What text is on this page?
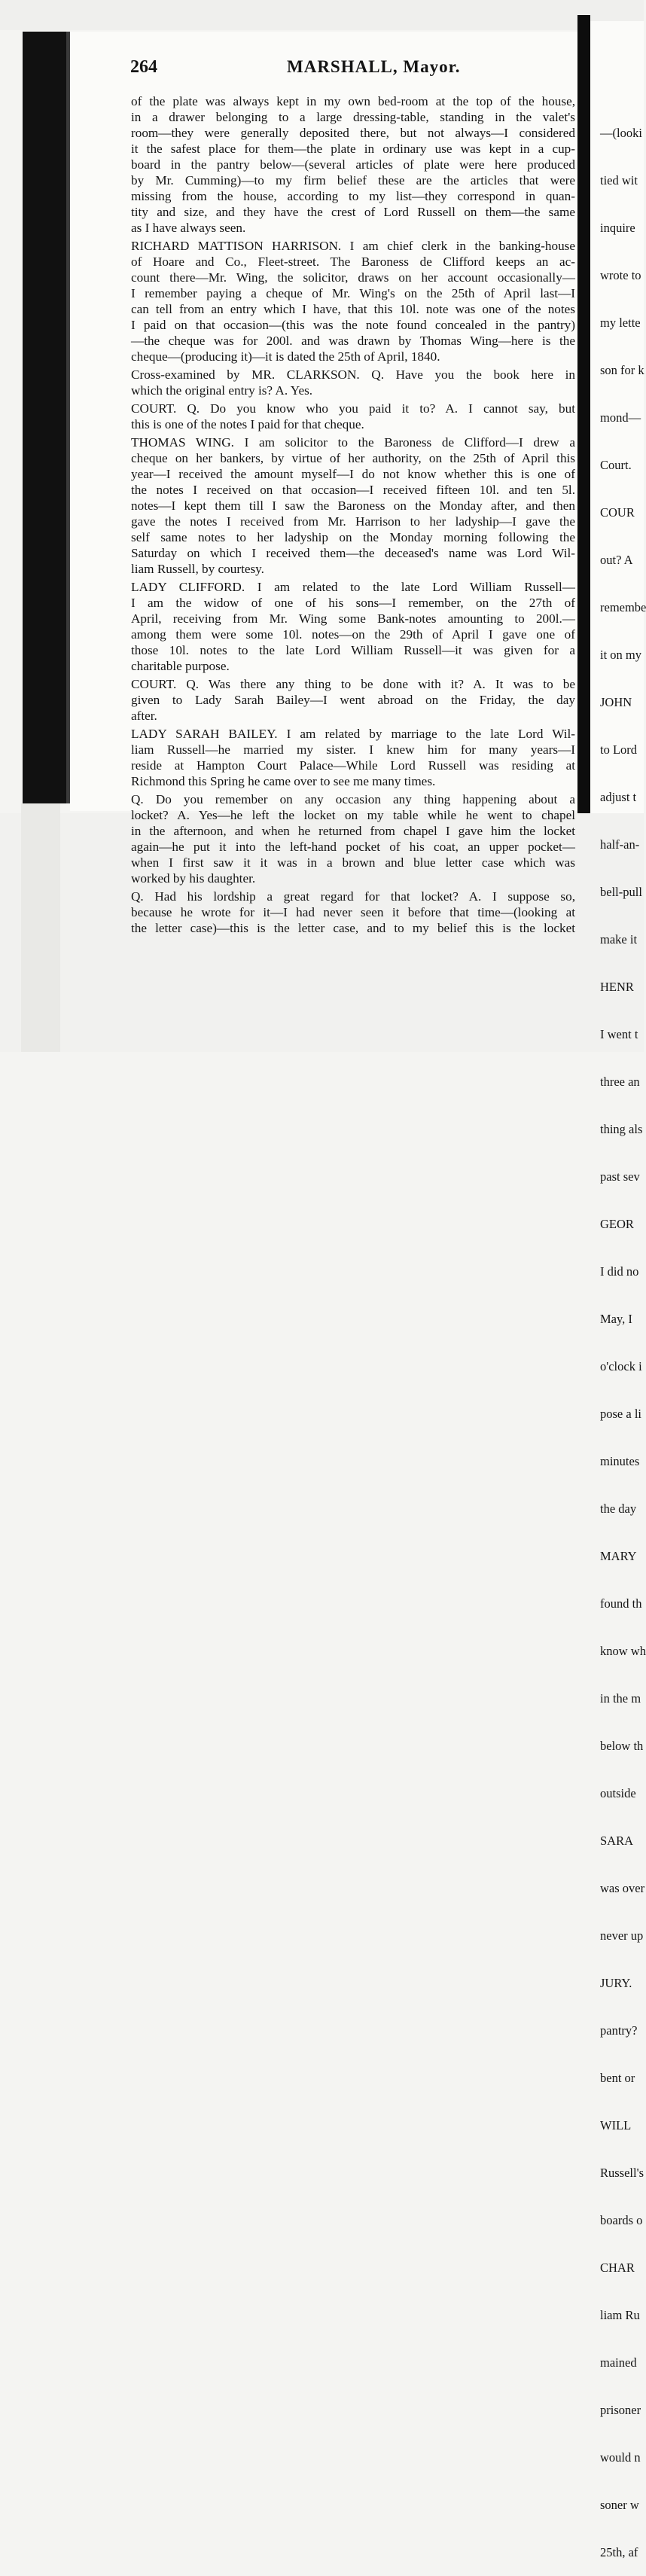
264	MARSHALL, Mayor.
of the plate was always kept in my own bed-room at the top of the house,
in a drawer belonging to a large dressing-table, standing in the valet's
room—they were generally deposited there, but not always—I considered
it the safest place for them—the plate in ordinary use was kept in a cup-
board in the pantry below—(several articles of plate were here produced
by Mr. Cumming)—to my firm belief these are the articles that were
missing from the house, according to my list—they correspond in quan-
tity and size, and they have the crest of Lord Russell on them—the same
as I have always seen.
RICHARD MATTISON HARRISON. I am chief clerk in the banking-house
of Hoare and Co., Fleet-street. The Baroness de Clifford keeps an ac-
count there—Mr. Wing, the solicitor, draws on her account occasionally—
I remember paying a cheque of Mr. Wing's on the 25th of April last—I
can tell from an entry which I have, that this 10l. note was one of the notes
I paid on that occasion—(this was the note found concealed in the pantry)
—the cheque was for 200l. and was drawn by Thomas Wing—here is the
cheque—(producing it)—it is dated the 25th of April, 1840.
Cross-examined by MR. CLARKSON. Q. Have you the book here in
which the original entry is? A. Yes.
COURT. Q. Do you know who you paid it to? A. I cannot say, but
this is one of the notes I paid for that cheque.
THOMAS WING. I am solicitor to the Baroness de Clifford—I drew a
cheque on her bankers, by virtue of her authority, on the 25th of April this
year—I received the amount myself—I do not know whether this is one of
the notes I received on that occasion—I received fifteen 10l. and ten 5l.
notes—I kept them till I saw the Baroness on the Monday after, and then
gave the notes I received from Mr. Harrison to her ladyship—I gave the
self same notes to her ladyship on the Monday morning following the
Saturday on which I received them—the deceased's name was Lord Wil-
liam Russell, by courtesy.
LADY CLIFFORD. I am related to the late Lord William Russell—
I am the widow of one of his sons—I remember, on the 27th of
April, receiving from Mr. Wing some Bank-notes amounting to 200l.—
among them were some 10l. notes—on the 29th of April I gave one of
those 10l. notes to the late Lord William Russell—it was given for a
charitable purpose.
COURT. Q. Was there any thing to be done with it? A. It was to be
given to Lady Sarah Bailey—I went abroad on the Friday, the day
after.
LADY SARAH BAILEY. I am related by marriage to the late Lord Wil-
liam Russell—he married my sister. I knew him for many years—I
reside at Hampton Court Palace—While Lord Russell was residing at
Richmond this Spring he came over to see me many times.
Q. Do you remember on any occasion any thing happening about a
locket? A. Yes—he left the locket on my table while he went to chapel
in the afternoon, and when he returned from chapel I gave him the locket
again—he put it into the left-hand pocket of his coat, an upper pocket—
when I first saw it it was in a brown and blue letter case which was
worked by his daughter.
Q. Had his lordship a great regard for that locket? A. I suppose so,
because he wrote for it—I had never seen it before that time—(looking at
the letter case)—this is the letter case, and to my belief this is the locket

—(looki

tied wit

inquire

wrote to

my lette

son for k

mond—

Court.

COUR

out? A

remembe

it on my

JOHN

to Lord

adjust t

half-an-

bell-pull

make it

HENR

I went t

three an

thing als

past sev

GEOR

I did no

May, I

o'clock i

pose a li

minutes

the day

MARY

found th

know wh

in the m

below th

outside

SARA

was over

never up

JURY.

pantry?

bent or

WILL

Russell's

boards o

CHAR

liam Ru

mained

prisoner

would n

soner w

25th, af
